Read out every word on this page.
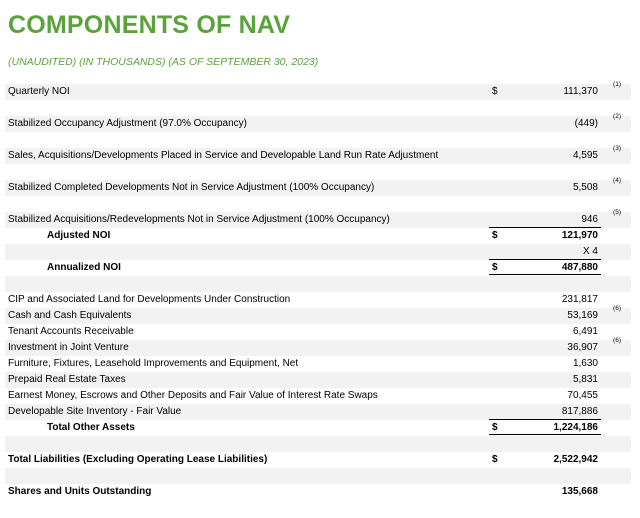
COMPONENTS OF NAV
(UNAUDITED) (IN THOUSANDS) (AS OF SEPTEMBER 30, 2023)
Quarterly NOI	$	111,370
(1)
Stabilized Occupancy Adjustment (97.0% Occupancy)	(449)
(2)
Sales, Acquisitions/Developments Placed in Service and Developable Land Run Rate Adjustment	4,595
(3)
Stabilized Completed Developments Not in Service Adjustment (100% Occupancy)	5,508
(4)
Stabilized Acquisitions/Redevelopments Not in Service Adjustment (100% Occupancy)	946
(5)
Adjusted NOI	$	121,970
X 4
Annualized NOI	$	487,880
CIP and Associated Land for Developments Under Construction	231,817
Cash and Cash Equivalents	53,169
(6)
Tenant Accounts Receivable	6,491
Investment in Joint Venture	36,907
(6)
Furniture, Fixtures, Leasehold Improvements and Equipment, Net	1,630
Prepaid Real Estate Taxes	5,831
Earnest Money, Escrows and Other Deposits and Fair Value of Interest Rate Swaps	70,455
Developable Site Inventory - Fair Value	817,886
Total Other Assets	$	1,224,186
Total Liabilities (Excluding Operating Lease Liabilities)	$	2,522,942
Shares and Units Outstanding	135,668
